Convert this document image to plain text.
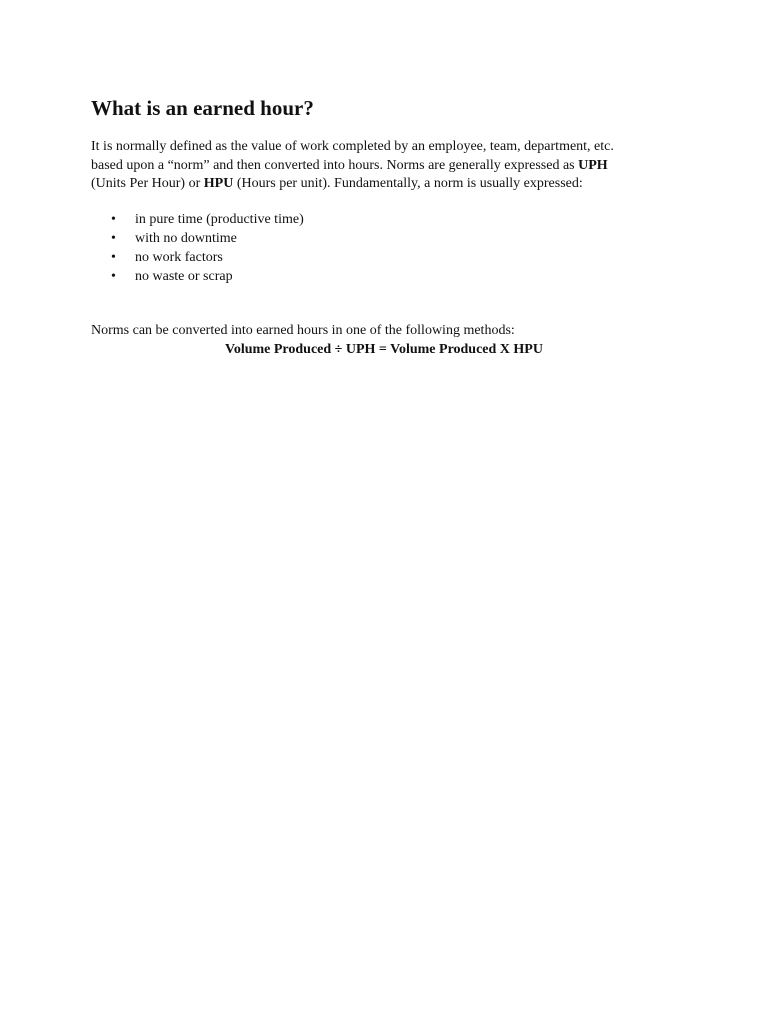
What is an earned hour?
It is normally defined as the value of work completed by an employee, team, department, etc.
based upon a “norm” and then converted into hours. Norms are generally expressed as UPH
(Units Per Hour) or HPU (Hours per unit). Fundamentally, a norm is usually expressed:
• in pure time (productive time)
• with no downtime
• no work factors
• no waste or scrap
Norms can be converted into earned hours in one of the following methods:
Volume Produced ÷ UPH = Volume Produced X HPU
